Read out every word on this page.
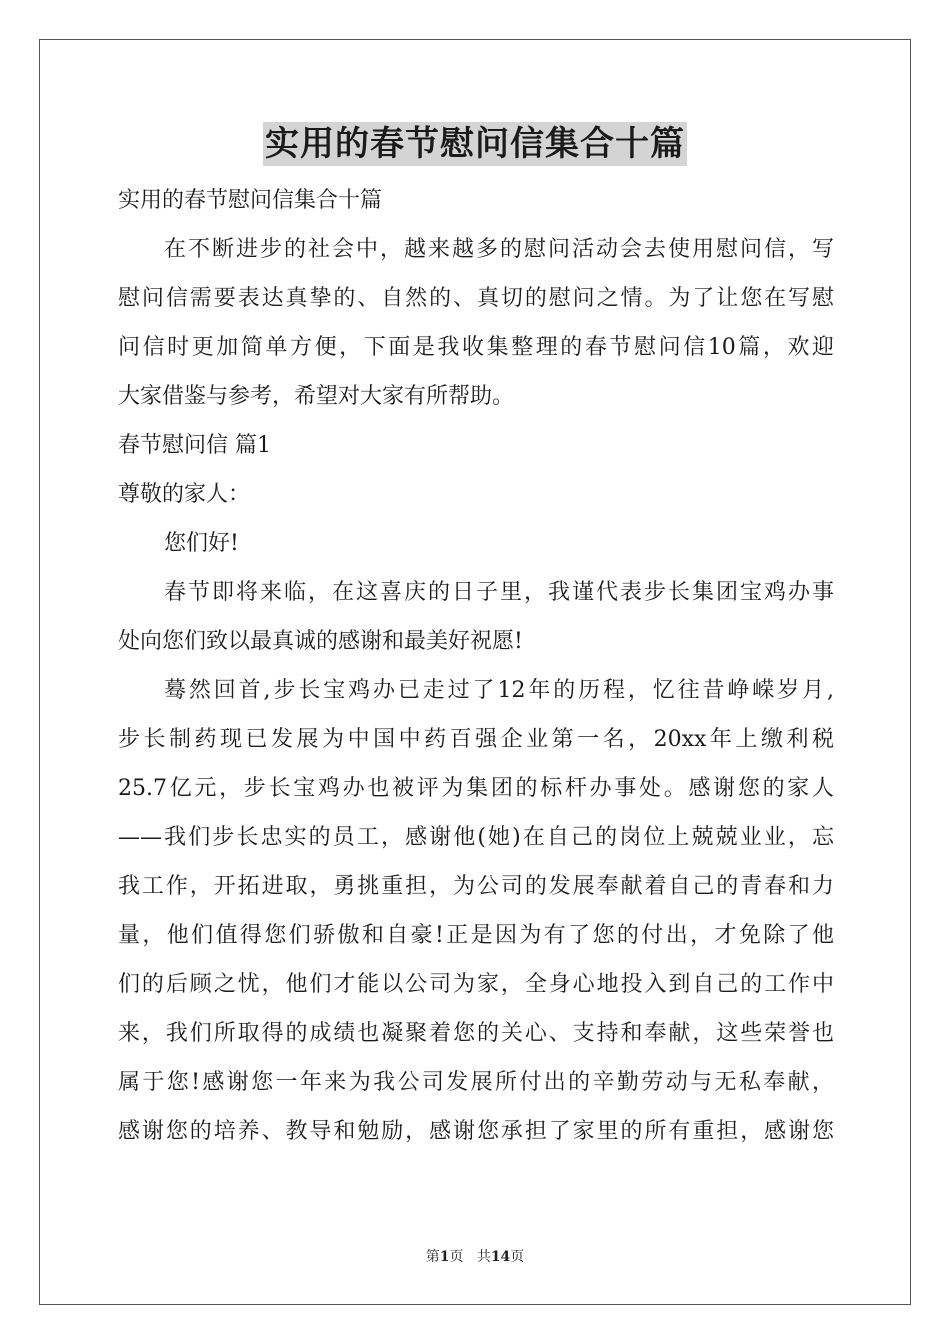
实用的春节慰问信集合十篇
实用的春节慰问信集合十篇
在不断进步的社会中，越来越多的慰问活动会去使用慰问信，写
慰问信需要表达真挚的、自然的、真切的慰问之情。为了让您在写慰
问信时更加简单方便，下面是我收集整理的春节慰问信10篇，欢迎
大家借鉴与参考，希望对大家有所帮助。
春节慰问信 篇1
尊敬的家人：
您们好!
春节即将来临，在这喜庆的日子里，我谨代表步长集团宝鸡办事
处向您们致以最真诚的感谢和最美好祝愿!
蓦然回首,步长宝鸡办已走过了12年的历程，忆往昔峥嵘岁月,
步长制药现已发展为中国中药百强企业第一名，20xx年上缴利税
25.7亿元，步长宝鸡办也被评为集团的标杆办事处。感谢您的家人
——我们步长忠实的员工，感谢他(她)在自己的岗位上兢兢业业，忘
我工作，开拓进取，勇挑重担，为公司的发展奉献着自己的青春和力
量，他们值得您们骄傲和自豪!正是因为有了您的付出，才免除了他
们的后顾之忧，他们才能以公司为家，全身心地投入到自己的工作中
来，我们所取得的成绩也凝聚着您的关心、支持和奉献，这些荣誉也
属于您!感谢您一年来为我公司发展所付出的辛勤劳动与无私奉献，
感谢您的培养、教导和勉励，感谢您承担了家里的所有重担，感谢您
第1页 共14页
